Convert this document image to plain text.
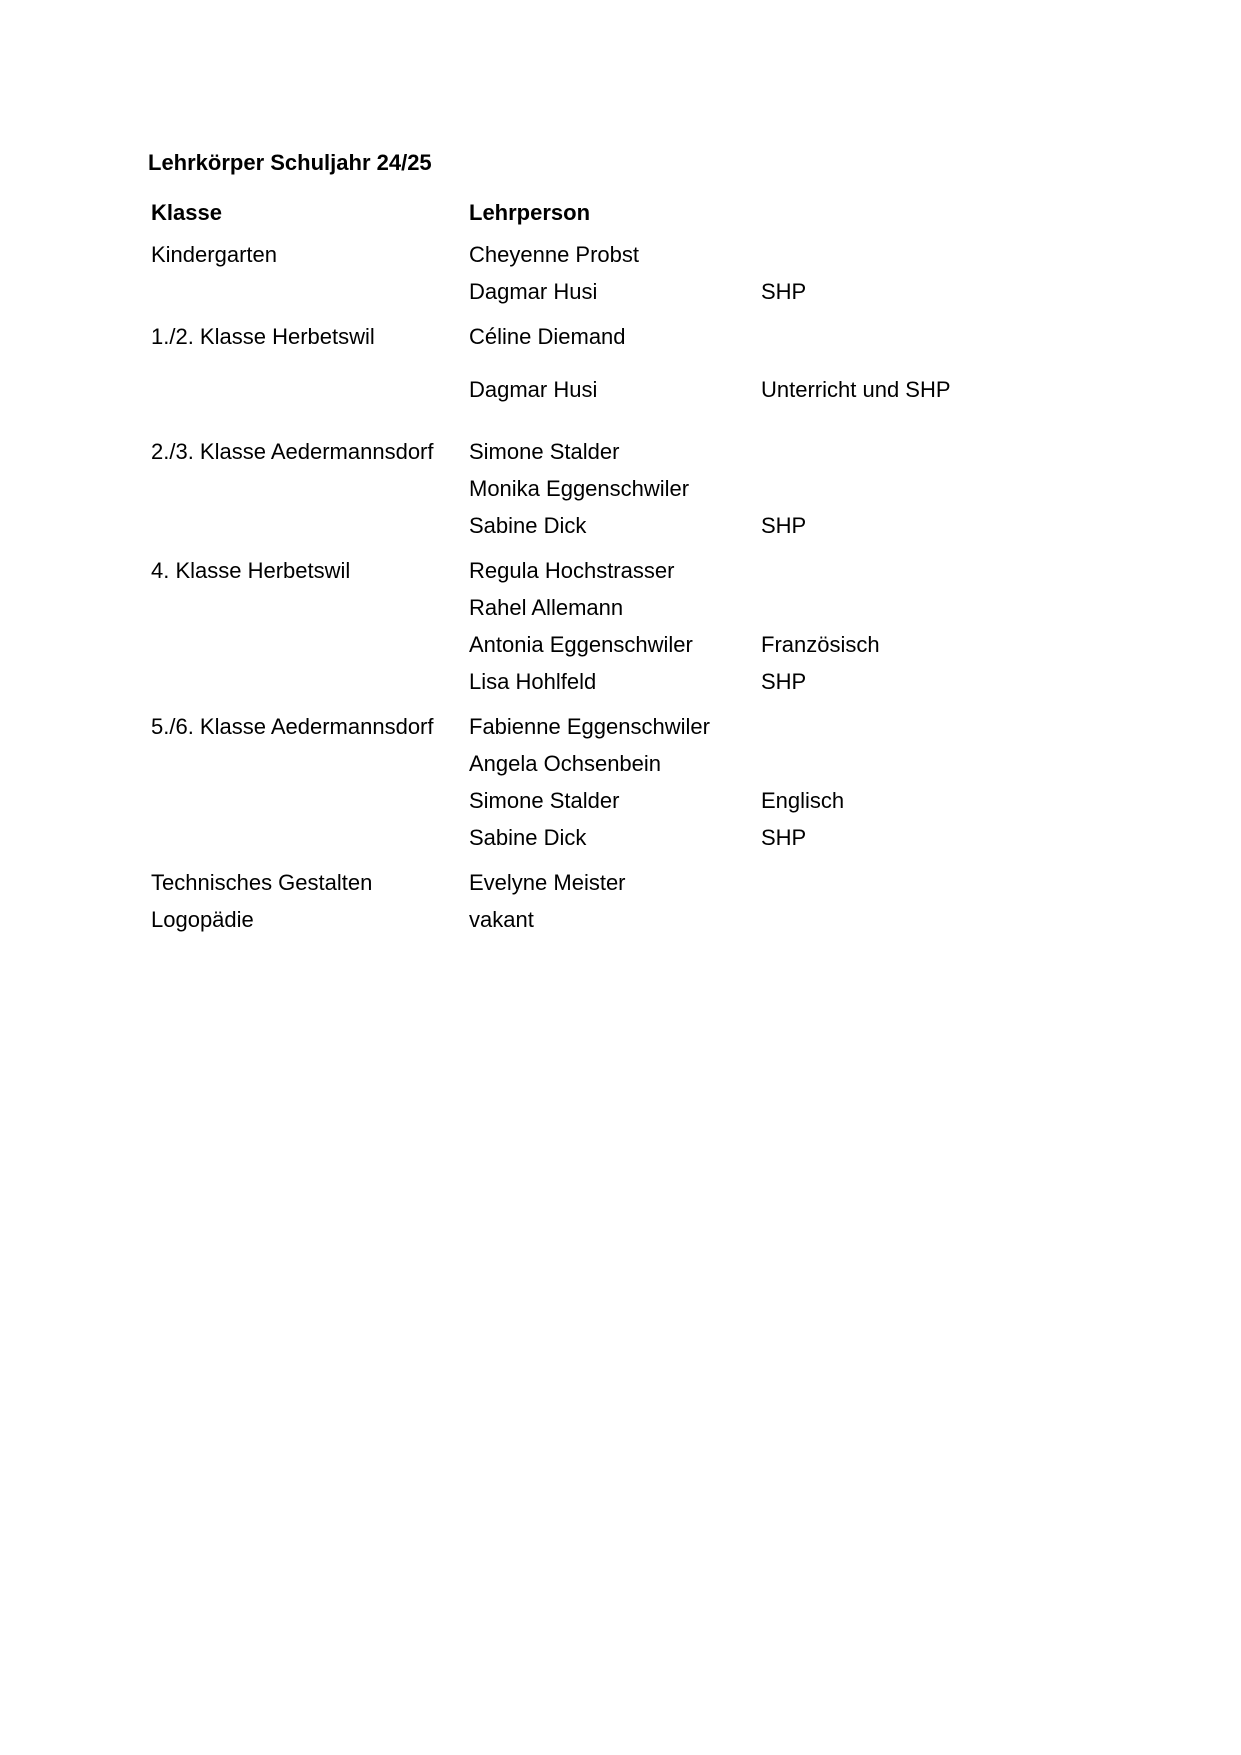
Lehrkörper Schuljahr 24/25
Klasse	Lehrperson	
Kindergarten	Cheyenne Probst	
	Dagmar Husi	SHP
1./2. Klasse Herbetswil	Céline Diemand	
	Dagmar Husi	Unterricht und SHP
2./3. Klasse Aedermannsdorf	Simone Stalder	
	Monika Eggenschwiler	
	Sabine Dick	SHP
4. Klasse Herbetswil	Regula Hochstrasser	
	Rahel Allemann	
	Antonia Eggenschwiler	Französisch
	Lisa Hohlfeld	SHP
5./6. Klasse Aedermannsdorf	Fabienne Eggenschwiler	
	Angela Ochsenbein	
	Simone Stalder	Englisch
	Sabine Dick	SHP
Technisches Gestalten	Evelyne Meister	
Logopädie	vakant	
